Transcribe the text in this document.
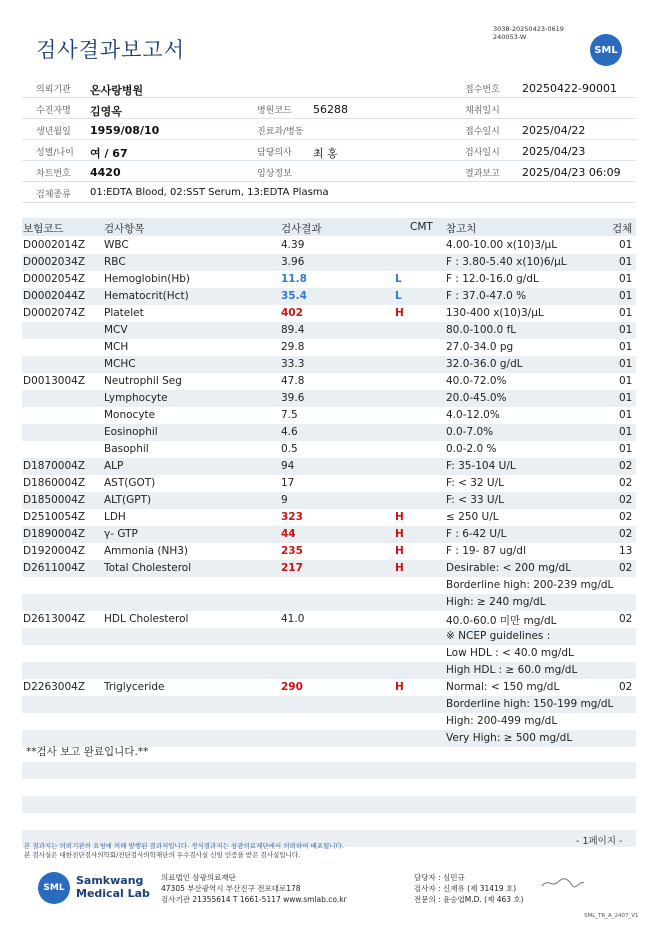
검사결과보고서
3038-20250423-0619
240053-W
SML
의뢰기관 온사랑병원	접수번호 20250422-90001
수진자명 김영옥	병원코드 56288	채취일시
생년월일 1959/08/10	진료과/병동	접수일시 2025/04/22
성별/나이 여 / 67	담당의사 최 홍	검사일시 2025/04/23
차트번호 4420	임상정보	결과보고 2025/04/23 06:09
검체종류 01:EDTA Blood, 02:SST Serum, 13:EDTA Plasma
보험코드	검사항목	검사결과	CMT 참고치	검체
D0002014Z WBC	4.39	4.00-10.00 x(10)3/μL	01
D0002034Z RBC	3.96	F : 3.80-5.40 x(10)6/μL	01
D0002054Z Hemoglobin(Hb)	11.8	L	F : 12.0-16.0 g/dL	01
D0002044Z Hematocrit(Hct)	35.4	L	F : 37.0-47.0 %	01
D0002074Z Platelet	402	H	130-400 x(10)3/μL	01
MCV	89.4	80.0-100.0 fL	01
MCH	29.8	27.0-34.0 pg	01
MCHC	33.3	32.0-36.0 g/dL	01
D0013004Z Neutrophil Seg	47.8	40.0-72.0%	01
Lymphocyte	39.6	20.0-45.0%	01
Monocyte	7.5	4.0-12.0%	01
Eosinophil	4.6	0.0-7.0%	01
Basophil	0.5	0.0-2.0 %	01
D1870004Z ALP	94	F: 35-104 U/L	02
D1860004Z AST(GOT)	17	F: < 32 U/L	02
D1850004Z ALT(GPT)	9	F: < 33 U/L	02
D2510054Z LDH	323	H	≤ 250 U/L	02
D1890004Z γ- GTP	44	H	F : 6-42 U/L	02
D1920004Z Ammonia (NH3)	235	H	F : 19- 87 ug/dl	13
D2611004Z Total Cholesterol	217	H	Desirable: < 200 mg/dL	02
Borderline high: 200-239 mg/dL
High: ≥ 240 mg/dL
D2613004Z HDL Cholesterol	41.0	40.0-60.0 미만 mg/dL	02
※ NCEP guidelines :
Low HDL : < 40.0 mg/dL
High HDL : ≥ 60.0 mg/dL
D2263004Z Triglyceride	290	H	Normal: < 150 mg/dL	02
Borderline high: 150-199 mg/dL
High: 200-499 mg/dL
Very High: ≥ 500 mg/dL
**검사 보고 완료입니다.**
본 결과지는 의뢰기관의 요청에 의해 발행된 결과지입니다. 정식결과지는 삼광의료재단에서 의뢰하여 배포됩니다.
본 검사실은 대한진단검사의학회/진단검사의학재단의 우수검사실 신임 인증을 받은 검사실입니다.
- 1페이지 -
SML
Samkwang
Medical Lab
의료법인 삼광의료재단
47305 부산광역시 부산진구 전포대로178
검사기관 21355614 T 1661-5117 www.smlab.co.kr
담당자 : 심민규
검사자 : 신재유 (제 31419 호)
전문의 : 윤승엽M.D. (제 463 호)
SML_TR_A_2407_V1
